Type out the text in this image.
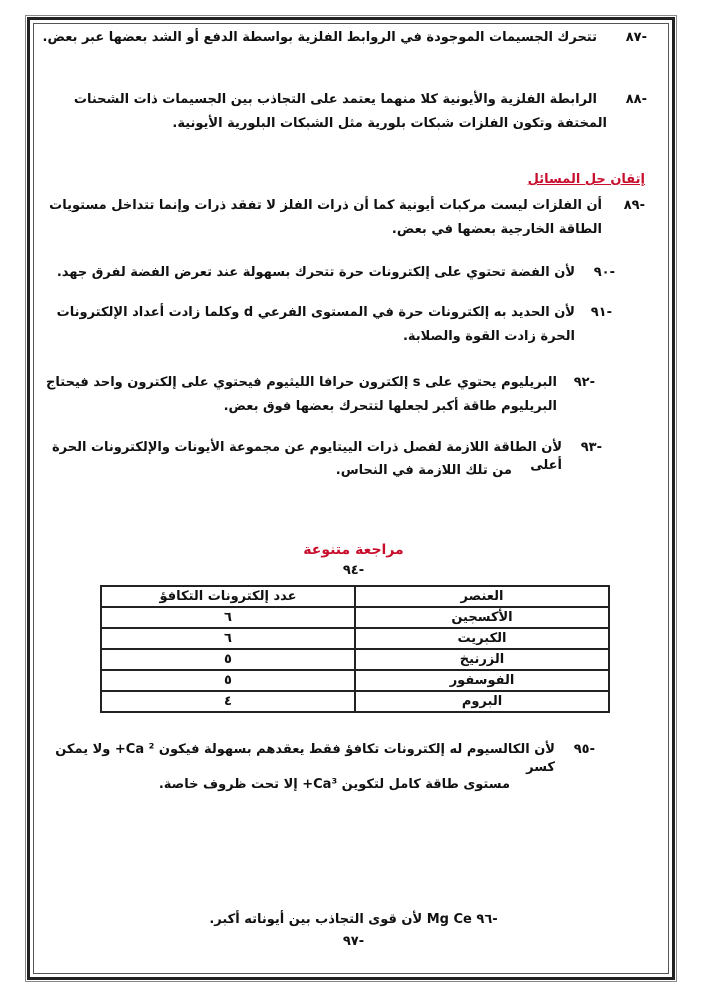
-٨٧
تتحرك الجسيمات الموجودة في الروابط الفلزية بواسطة الدفع أو الشد بعضها عبر بعض.
-٨٨
الرابطة الفلزية والأيونية كلا منهما يعتمد على التجاذب بين الجسيمات ذات الشحنات
المختفة وتكون الفلزات شبكات بلورية مثل الشبكات البلورية الأيونية.
إتقان حل المسائل
-٨٩
أن الفلزات ليست مركبات أيونية كما أن ذرات الفلز لا تفقد ذرات وإنما تتداخل مستويات
الطاقة الخارجية بعضها في بعض.
-٩٠
لأن الفضة تحتوي على إلكترونات حرة تتحرك بسهولة عند تعرض الفضة لفرق جهد.
-٩١
لأن الحديد به إلكترونات حرة في المستوى الفرعي d وكلما زادت أعداد الإلكترونات
الحرة زادت القوة والصلابة.
-٩٢
البريليوم يحتوي على s إلكترون حرافا الليثيوم فيحتوي على إلكترون واحد فيحتاج
البريليوم طاقة أكبر لجعلها لتتحرك بعضها فوق بعض.
-٩٣
لأن الطاقة اللازمة لفصل ذرات الييتايوم عن مجموعة الأيونات والإلكترونات الحرة أعلى
من تلك اللازمة في النحاس.
مراجعة متنوعة
-٩٤
العنصر	عدد إلكترونات التكافؤ
الأكسجين	٦
الكبريت	٦
الزرنيخ	٥
الفوسفور	٥
البروم	٤
-٩٥
لأن الكالسيوم له إلكترونات تكافؤ فقط يعقدهم بسهولة فيكون Ca ²+ ولا يمكن كسر
مستوى طاقة كامل لتكوين Ca³+ إلا تحت ظروف خاصة.
-٩٦ Mg Ce لأن قوى التجاذب بين أيوناته أكبر.
-٩٧
